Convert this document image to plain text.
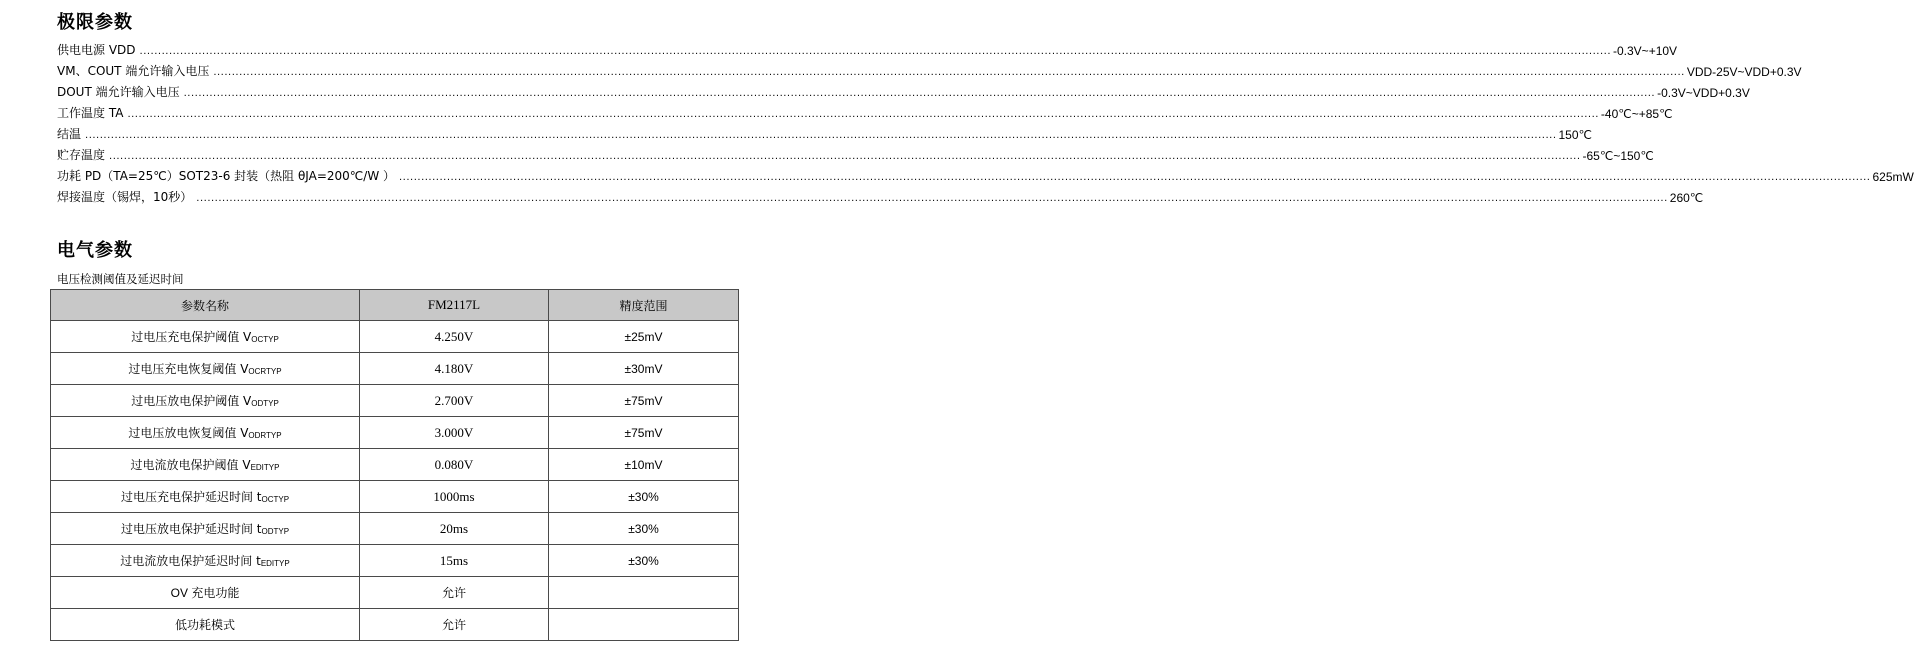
极限参数
供电电源 VDD ................................................................................................................................................................................................................................................................................................................................................................................................................ -0.3V~+10V
VM、COUT 端允许输入电压 ................................................................................................................................................................................................................................................................................................................................................................................................................ VDD-25V~VDD+0.3V
DOUT 端允许输入电压 ................................................................................................................................................................................................................................................................................................................................................................................................................ -0.3V~VDD+0.3V
工作温度 TA ................................................................................................................................................................................................................................................................................................................................................................................................................ -40℃~+85℃
结温 ................................................................................................................................................................................................................................................................................................................................................................................................................ 150℃
贮存温度 ................................................................................................................................................................................................................................................................................................................................................................................................................ -65℃~150℃
功耗 PD（TA=25℃）SOT23-6 封装（热阻 θJA=200℃/W ） ................................................................................................................................................................................................................................................................................................................................................................................................................ 625mW
焊接温度（锡焊，10秒） ................................................................................................................................................................................................................................................................................................................................................................................................................ 260℃
电气参数
电压检测阈值及延迟时间
参数名称	FM2117L	精度范围
过电压充电保护阈值 $V_{OCTYP}$	4.250V	±25mV
过电压充电恢复阈值 $V_{OCRTYP}$	4.180V	±30mV
过电压放电保护阈值 $V_{ODTYP}$	2.700V	±75mV
过电压放电恢复阈值 $V_{ODRTYP}$	3.000V	±75mV
过电流放电保护阈值 $V_{EDITYP}$	0.080V	±10mV
过电压充电保护延迟时间 $t_{OCTYP}$	1000ms	±30%
过电压放电保护延迟时间 $t_{ODTYP}$	20ms	±30%
过电流放电保护延迟时间 $t_{EDITYP}$	15ms	±30%
OV 充电功能	允许	
低功耗模式	允许	
